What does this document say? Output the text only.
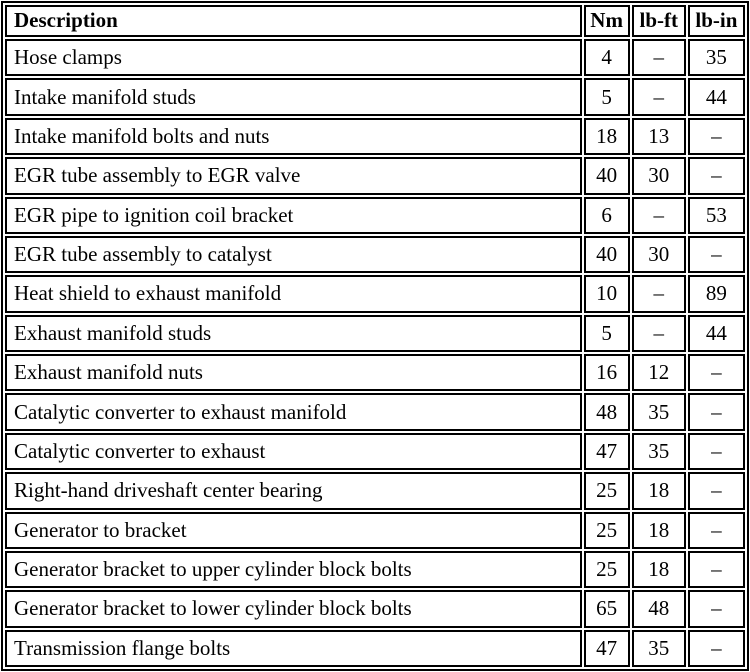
Description	Nm	lb-ft	lb-in
Hose clamps	4	–	35
Intake manifold studs	5	–	44
Intake manifold bolts and nuts	18	13	–
EGR tube assembly to EGR valve	40	30	–
EGR pipe to ignition coil bracket	6	–	53
EGR tube assembly to catalyst	40	30	–
Heat shield to exhaust manifold	10	–	89
Exhaust manifold studs	5	–	44
Exhaust manifold nuts	16	12	–
Catalytic converter to exhaust manifold	48	35	–
Catalytic converter to exhaust	47	35	–
Right-hand driveshaft center bearing	25	18	–
Generator to bracket	25	18	–
Generator bracket to upper cylinder block bolts	25	18	–
Generator bracket to lower cylinder block bolts	65	48	–
Transmission flange bolts	47	35	–
